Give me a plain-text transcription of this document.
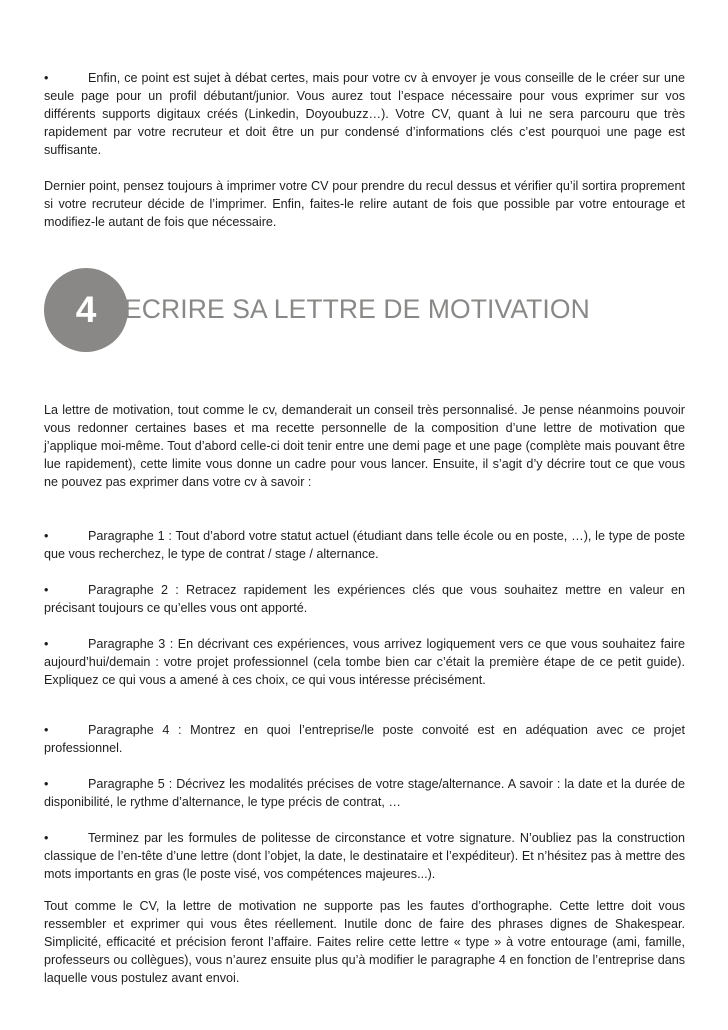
•	Enfin, ce point est sujet à débat certes, mais pour votre cv à envoyer je vous conseille de le créer sur une seule page pour un profil débutant/junior. Vous aurez tout l’espace nécessaire pour vous exprimer sur vos différents supports digitaux créés (Linkedin, Doyoubuzz…). Votre CV, quant à lui ne sera parcouru que très rapidement par votre recruteur et doit être un pur condensé d’informations clés c’est pourquoi une page est suffisante.

Dernier point, pensez toujours à imprimer votre CV pour prendre du recul dessus et vérifier qu’il sortira proprement si votre recruteur décide de l’imprimer. Enfin, faites-le relire autant de fois que possible par votre entourage et modifiez-le autant de fois que nécessaire.

4	ECRIRE SA LETTRE DE MOTIVATION

La lettre de motivation, tout comme le cv, demanderait un conseil très personnalisé. Je pense néanmoins pouvoir vous redonner certaines bases et ma recette personnelle de la composition d’une lettre de motivation que j’applique moi-même. Tout d’abord celle-ci doit tenir entre une demi page et une page (complète mais pouvant être lue rapidement), cette limite vous donne un cadre pour vous lancer. Ensuite, il s’agit d’y décrire tout ce que vous ne pouvez pas exprimer dans votre cv à savoir :

•	Paragraphe 1 : Tout d’abord votre statut actuel (étudiant dans telle école ou en poste, …), le type de poste que vous recherchez, le type de contrat / stage / alternance.

•	Paragraphe 2 : Retracez rapidement les expériences clés que vous souhaitez mettre en valeur en précisant toujours ce qu’elles vous ont apporté.

•	Paragraphe 3 : En décrivant ces expériences, vous arrivez logiquement vers ce que vous souhaitez faire aujourd’hui/demain : votre projet professionnel (cela tombe bien car c’était la première étape de ce petit guide). Expliquez ce qui vous a amené à ces choix, ce qui vous intéresse précisément.

•	Paragraphe 4 : Montrez en quoi l’entreprise/le poste convoité est en adéquation avec ce projet professionnel.

•	Paragraphe 5 : Décrivez les modalités précises de votre stage/alternance. A savoir : la date et la durée de disponibilité, le rythme d’alternance, le type précis de contrat, …

•	Terminez par les formules de politesse de circonstance et votre signature. N’oubliez pas la construction classique de l’en-tête d’une lettre (dont l’objet, la date, le destinataire et l’expéditeur). Et n’hésitez pas à mettre des mots importants en gras (le poste visé, vos compétences majeures...).

Tout comme le CV, la lettre de motivation ne supporte pas les fautes d’orthographe. Cette lettre doit vous ressembler et exprimer qui vous êtes réellement. Inutile donc de faire des phrases dignes de Shakespear. Simplicité, efficacité et précision feront l’affaire. Faites relire cette lettre « type » à votre entourage (ami, famille, professeurs ou collègues), vous n’aurez ensuite plus qu’à modifier le paragraphe 4 en fonction de l’entreprise dans laquelle vous postulez avant envoi.
